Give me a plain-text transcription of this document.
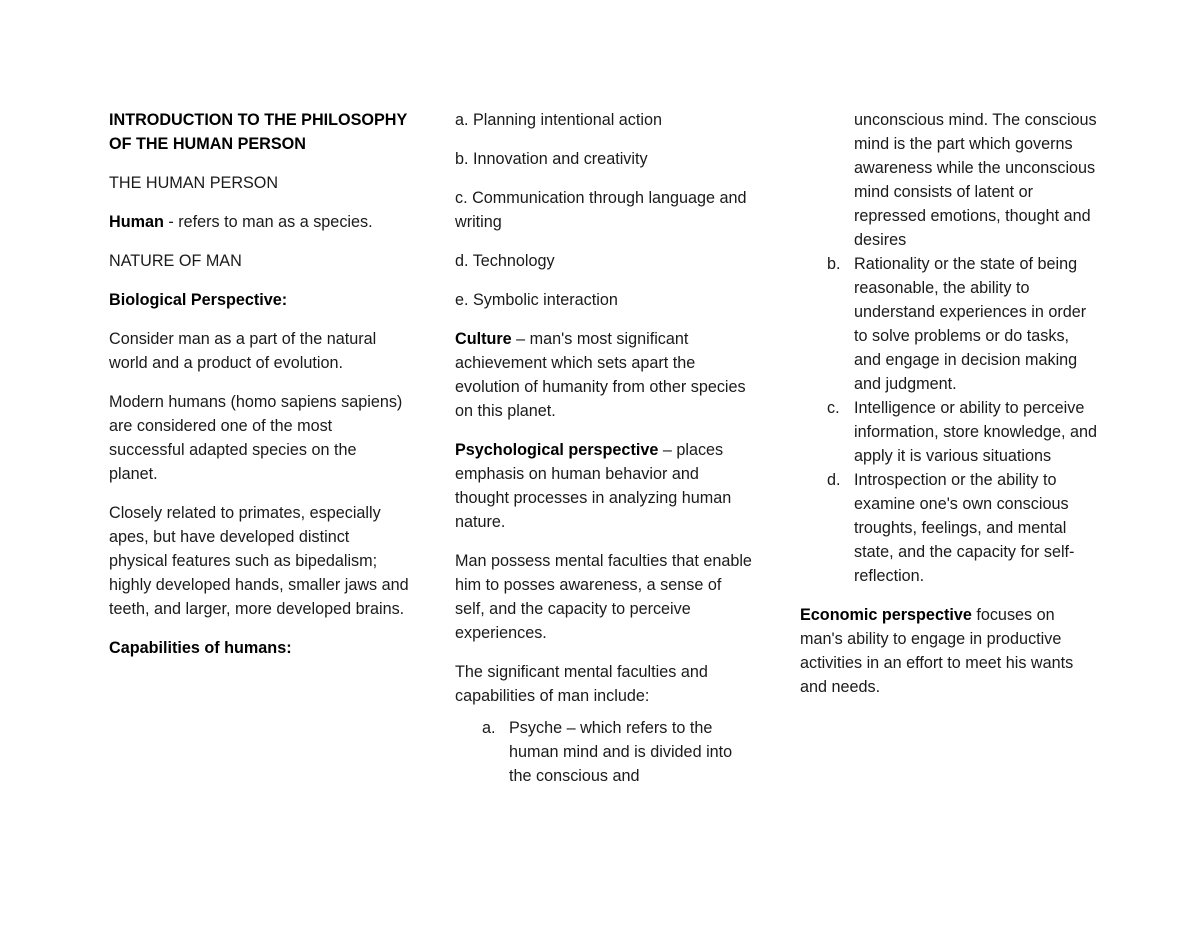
INTRODUCTION TO THE PHILOSOPHY OF THE HUMAN PERSON

THE HUMAN PERSON

Human - refers to man as a species.

NATURE OF MAN

Biological Perspective:

Consider man as a part of the natural world and a product of evolution.

Modern humans (homo sapiens sapiens) are considered one of the most successful adapted species on the planet.

Closely related to primates, especially apes, but have developed distinct physical features such as bipedalism; highly developed hands, smaller jaws and teeth, and larger, more developed brains.

Capabilities of humans:

a. Planning intentional action

b. Innovation and creativity

c. Communication through language and writing

d. Technology

e. Symbolic interaction

Culture – man's most significant achievement which sets apart the evolution of humanity from other species on this planet.

Psychological perspective – places emphasis on human behavior and thought processes in analyzing human nature.

Man possess mental faculties that enable him to posses awareness, a sense of self, and the capacity to perceive experiences.

The significant mental faculties and capabilities of man include:

a. Psyche – which refers to the human mind and is divided into the conscious and
unconscious mind. The conscious mind is the part which governs awareness while the unconscious mind consists of latent or repressed emotions, thought and desires
b. Rationality or the state of being reasonable, the ability to understand experiences in order to solve problems or do tasks, and engage in decision making and judgment.
c. Intelligence or ability to perceive information, store knowledge, and apply it is various situations
d. Introspection or the ability to examine one's own conscious troughts, feelings, and mental state, and the capacity for self-reflection.

Economic perspective focuses on man's ability to engage in productive activities in an effort to meet his wants and needs.
